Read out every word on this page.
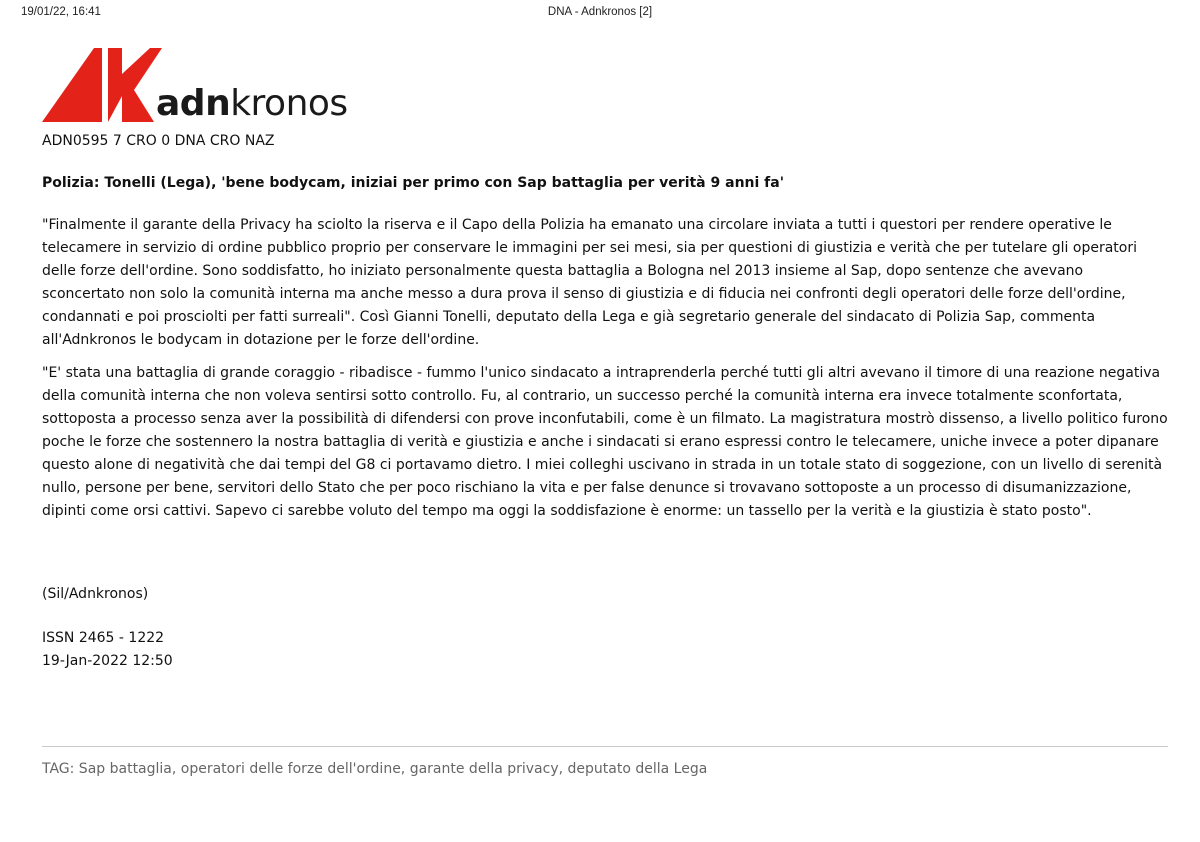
19/01/22, 16:41	DNA - Adnkronos [2]
adnkronos

ADN0595 7 CRO 0 DNA CRO NAZ

Polizia: Tonelli (Lega), 'bene bodycam, iniziai per primo con Sap battaglia per verità 9 anni fa'

"Finalmente il garante della Privacy ha sciolto la riserva e il Capo della Polizia ha emanato una circolare inviata a tutti i questori per rendere operative le telecamere in servizio di ordine pubblico proprio per conservare le immagini per sei mesi, sia per questioni di giustizia e verità che per tutelare gli operatori delle forze dell'ordine. Sono soddisfatto, ho iniziato personalmente questa battaglia a Bologna nel 2013 insieme al Sap, dopo sentenze che avevano sconcertato non solo la comunità interna ma anche messo a dura prova il senso di giustizia e di fiducia nei confronti degli operatori delle forze dell'ordine, condannati e poi prosciolti per fatti surreali". Così Gianni Tonelli, deputato della Lega e già segretario generale del sindacato di Polizia Sap, commenta all'Adnkronos le bodycam in dotazione per le forze dell'ordine.

"E' stata una battaglia di grande coraggio - ribadisce - fummo l'unico sindacato a intraprenderla perché tutti gli altri avevano il timore di una reazione negativa della comunità interna che non voleva sentirsi sotto controllo. Fu, al contrario, un successo perché la comunità interna era invece totalmente sconfortata, sottoposta a processo senza aver la possibilità di difendersi con prove inconfutabili, come è un filmato. La magistratura mostrò dissenso, a livello politico furono poche le forze che sostennero la nostra battaglia di verità e giustizia e anche i sindacati si erano espressi contro le telecamere, uniche invece a poter dipanare questo alone di negatività che dai tempi del G8 ci portavamo dietro. I miei colleghi uscivano in strada in un totale stato di soggezione, con un livello di serenità nullo, persone per bene, servitori dello Stato che per poco rischiano la vita e per false denunce si trovavano sottoposte a un processo di disumanizzazione, dipinti come orsi cattivi. Sapevo ci sarebbe voluto del tempo ma oggi la soddisfazione è enorme: un tassello per la verità e la giustizia è stato posto".

(Sil/Adnkronos)

ISSN 2465 - 1222
19-Jan-2022 12:50
TAG: Sap battaglia, operatori delle forze dell'ordine, garante della privacy, deputato della Lega
